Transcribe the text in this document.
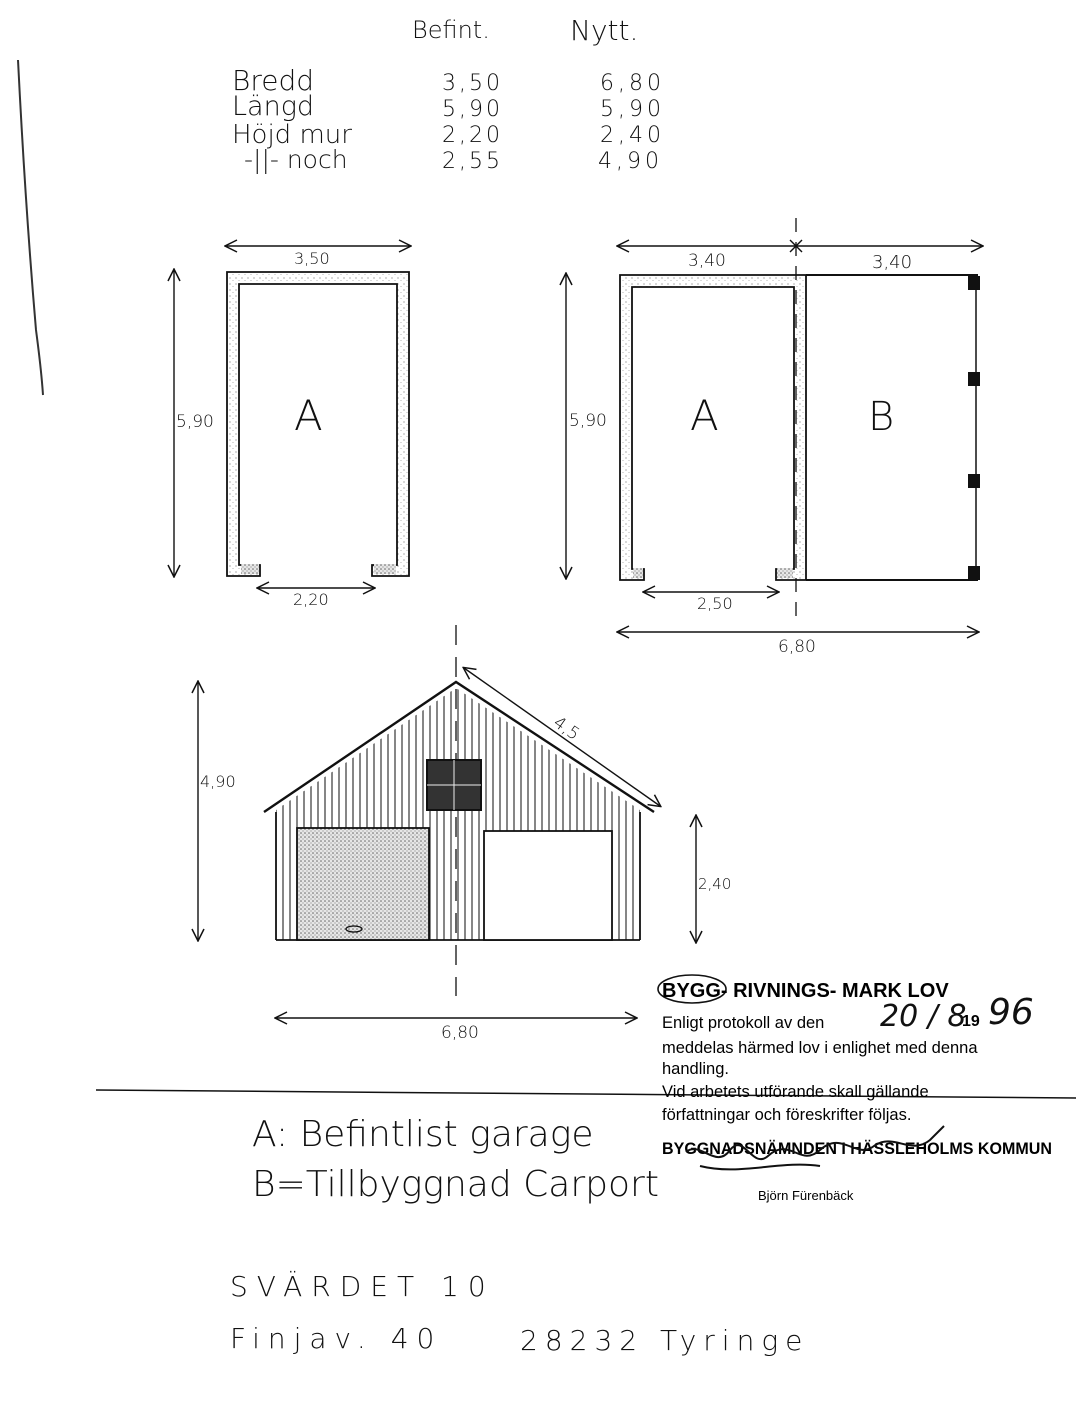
Befint.	Nytt.
Bredd	3,50	6,80
Längd	5,90	5,90
Höjd mur	2,20	2,40
-||- noch	2,55	4,90
3,50
5,90 A
2,20
3,40	3,40
5,90 A	B
2,50
6,80
4,90
4,5
2,40
6,80
BYGG- RIVNINGS- MARK LOV
20 / 8
19 96
Enligt protokoll av den
meddelas härmed lov i enlighet med denna
handling.
Vid arbetets utförande skall gällande
författningar och föreskrifter följas.
BYGGNADSNÄMNDEN I HÄSSLEHOLMS KOMMUN
Björn Fürenbäck
A: Befintlist garage
B=Tillbyggnad Carport
SVÄRDET 10
Finjav. 40	28232 Tyringe
